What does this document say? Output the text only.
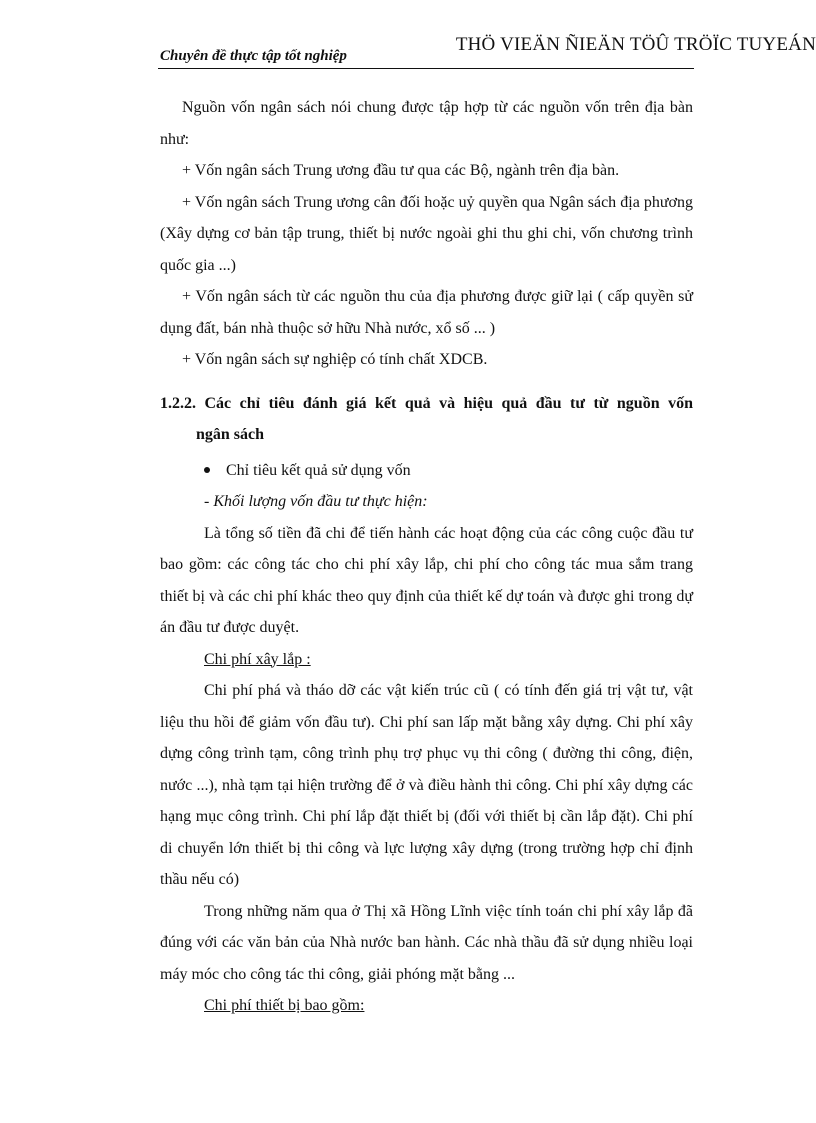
Chuyên đề thực tập tốt nghiệp
THÖ VIEÄN ÑIEÄN TÖÛ TRÖÏC TUYEÁN

Nguồn vốn ngân sách nói chung được tập hợp từ các nguồn vốn trên địa bàn như:

+ Vốn ngân sách Trung ương đầu tư qua các Bộ, ngành trên địa bàn.

+ Vốn ngân sách Trung ương cân đối hoặc uỷ quyền qua Ngân sách địa phương (Xây dựng cơ bản tập trung, thiết bị nước ngoài ghi thu ghi chi, vốn chương trình quốc gia ...)

+ Vốn ngân sách từ các nguồn thu của địa phương được giữ lại ( cấp quyền sử dụng đất, bán nhà thuộc sở hữu Nhà nước, xổ số ... )

+ Vốn ngân sách sự nghiệp có tính chất XDCB.

1.2.2. Các chỉ tiêu đánh giá kết quả và hiệu quả đầu tư từ nguồn vốn
ngân sách
Chỉ tiêu kết quả sử dụng vốn

- Khối lượng vốn đầu tư thực hiện:

Là tổng số tiền đã chi để tiến hành các hoạt động của các công cuộc đầu tư bao gồm: các công tác cho chi phí xây lắp, chi phí cho công tác mua sắm trang thiết bị và các chi phí khác theo quy định của thiết kế dự toán và được ghi trong dự án đầu tư được duyệt.

Chi phí xây lắp :

Chi phí phá và tháo dỡ các vật kiến trúc cũ ( có tính đến giá trị vật tư, vật liệu thu hồi để giảm vốn đầu tư). Chi phí san lấp mặt bằng xây dựng. Chi phí xây dựng công trình tạm, công trình phụ trợ phục vụ thi công ( đường thi công, điện, nước ...), nhà tạm tại hiện trường để ở và điều hành thi công. Chi phí xây dựng các hạng mục công trình. Chi phí lắp đặt thiết bị (đối với thiết bị cần lắp đặt). Chi phí di chuyển lớn thiết bị thi công và lực lượng xây dựng (trong trường hợp chỉ định thầu nếu có)

Trong những năm qua ở Thị xã Hồng Lĩnh việc tính toán chi phí xây lắp đã đúng với các văn bản của Nhà nước ban hành. Các nhà thầu đã sử dụng nhiều loại máy móc cho công tác thi công, giải phóng mặt bằng ...

Chi phí thiết bị bao gồm:
